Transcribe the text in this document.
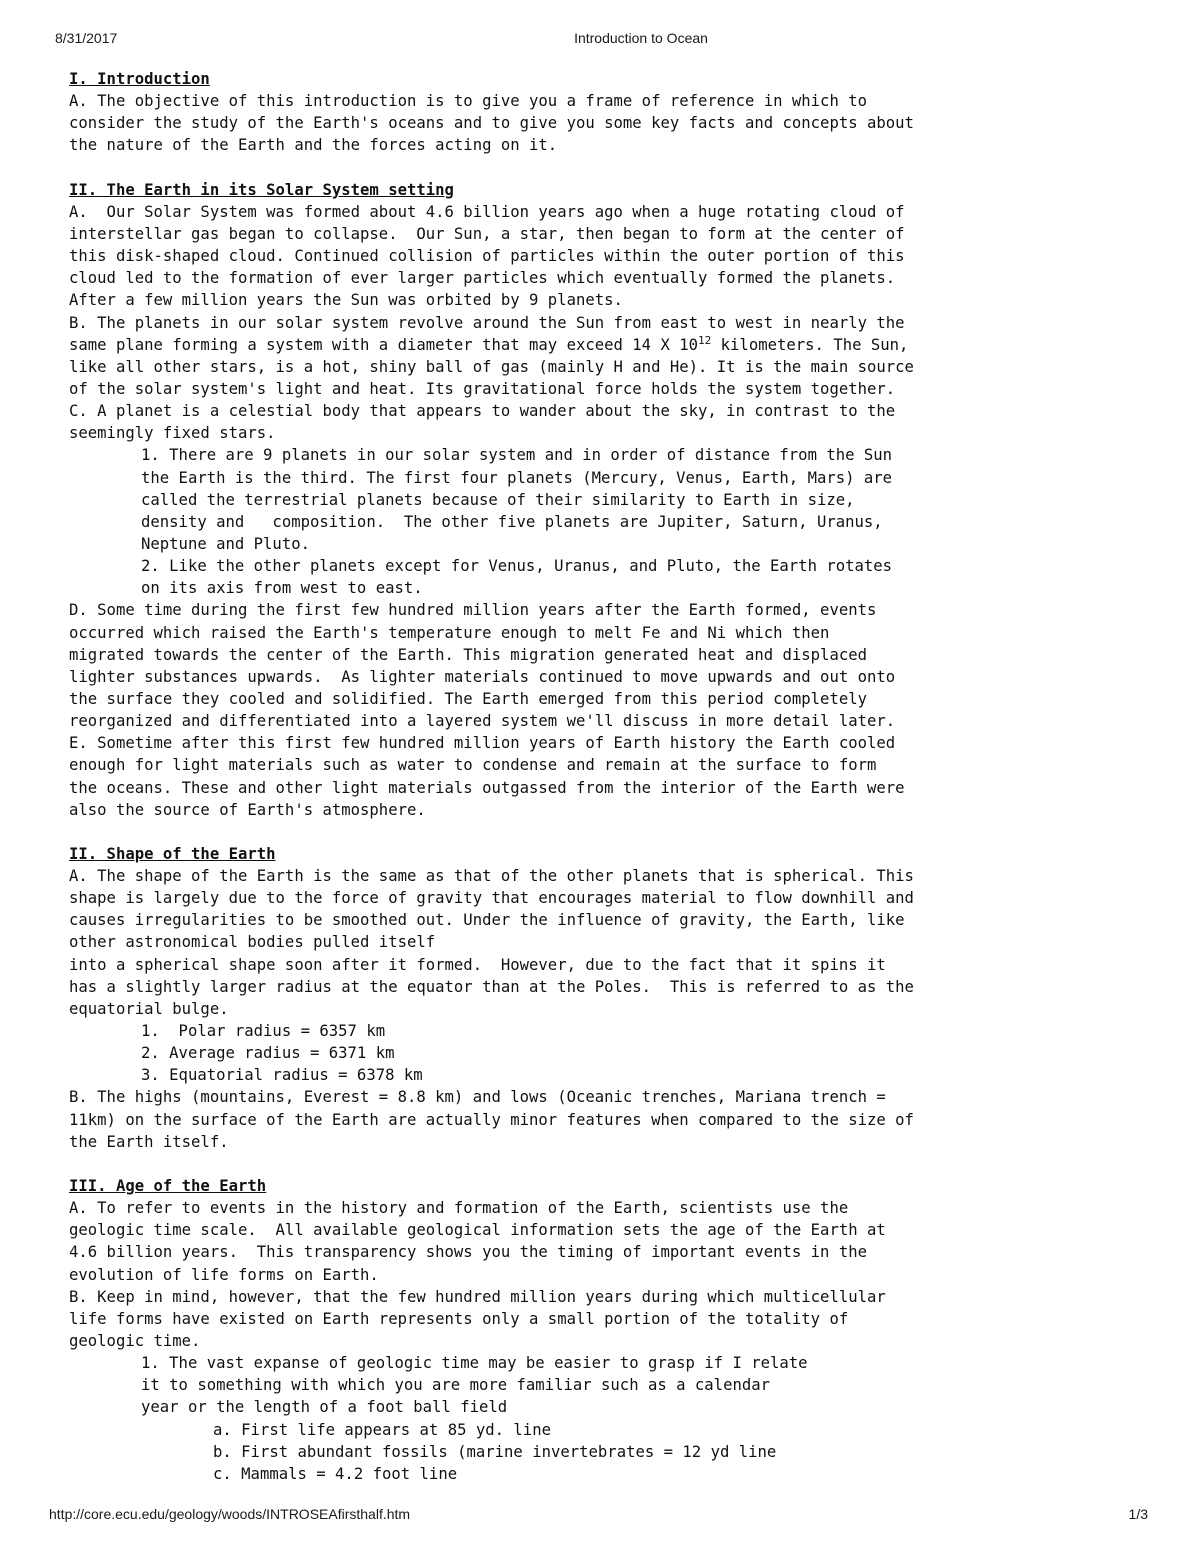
8/31/2017	Introduction to Ocean
I. Introduction
A. The objective of this introduction is to give you a frame of reference in which to
consider the study of the Earth's oceans and to give you some key facts and concepts about
the nature of the Earth and the forces acting on it.
II. The Earth in its Solar System setting
A.  Our Solar System was formed about 4.6 billion years ago when a huge rotating cloud of
interstellar gas began to collapse.  Our Sun, a star, then began to form at the center of
this disk-shaped cloud. Continued collision of particles within the outer portion of this
cloud led to the formation of ever larger particles which eventually formed the planets.
After a few million years the Sun was orbited by 9 planets.
B. The planets in our solar system revolve around the Sun from east to west in nearly the
same plane forming a system with a diameter that may exceed 14 X $10^{12}$ kilometers. The Sun,
like all other stars, is a hot, shiny ball of gas (mainly H and He). It is the main source
of the solar system's light and heat. Its gravitational force holds the system together.
C. A planet is a celestial body that appears to wander about the sky, in contrast to the
seemingly fixed stars.
1. There are 9 planets in our solar system and in order of distance from the Sun
the Earth is the third. The first four planets (Mercury, Venus, Earth, Mars) are
called the terrestrial planets because of their similarity to Earth in size,
density and   composition.  The other five planets are Jupiter, Saturn, Uranus,
Neptune and Pluto.
2. Like the other planets except for Venus, Uranus, and Pluto, the Earth rotates
on its axis from west to east.
D. Some time during the first few hundred million years after the Earth formed, events
occurred which raised the Earth's temperature enough to melt Fe and Ni which then
migrated towards the center of the Earth. This migration generated heat and displaced
lighter substances upwards.  As lighter materials continued to move upwards and out onto
the surface they cooled and solidified. The Earth emerged from this period completely
reorganized and differentiated into a layered system we'll discuss in more detail later.
E. Sometime after this first few hundred million years of Earth history the Earth cooled
enough for light materials such as water to condense and remain at the surface to form
the oceans. These and other light materials outgassed from the interior of the Earth were
also the source of Earth's atmosphere.
II. Shape of the Earth
A. The shape of the Earth is the same as that of the other planets that is spherical. This
shape is largely due to the force of gravity that encourages material to flow downhill and
causes irregularities to be smoothed out. Under the influence of gravity, the Earth, like
other astronomical bodies pulled itself
into a spherical shape soon after it formed.  However, due to the fact that it spins it
has a slightly larger radius at the equator than at the Poles.  This is referred to as the
equatorial bulge.
1.  Polar radius = 6357 km
2. Average radius = 6371 km
3. Equatorial radius = 6378 km
B. The highs (mountains, Everest = 8.8 km) and lows (Oceanic trenches, Mariana trench =
11km) on the surface of the Earth are actually minor features when compared to the size of
the Earth itself.
III. Age of the Earth
A. To refer to events in the history and formation of the Earth, scientists use the
geologic time scale.  All available geological information sets the age of the Earth at
4.6 billion years.  This transparency shows you the timing of important events in the
evolution of life forms on Earth.
B. Keep in mind, however, that the few hundred million years during which multicellular
life forms have existed on Earth represents only a small portion of the totality of
geologic time.
1. The vast expanse of geologic time may be easier to grasp if I relate
it to something with which you are more familiar such as a calendar
year or the length of a foot ball field
a. First life appears at 85 yd. line
b. First abundant fossils (marine invertebrates = 12 yd line
c. Mammals = 4.2 foot line
http://core.ecu.edu/geology/woods/INTROSEAfirsthalf.htm	1/3
